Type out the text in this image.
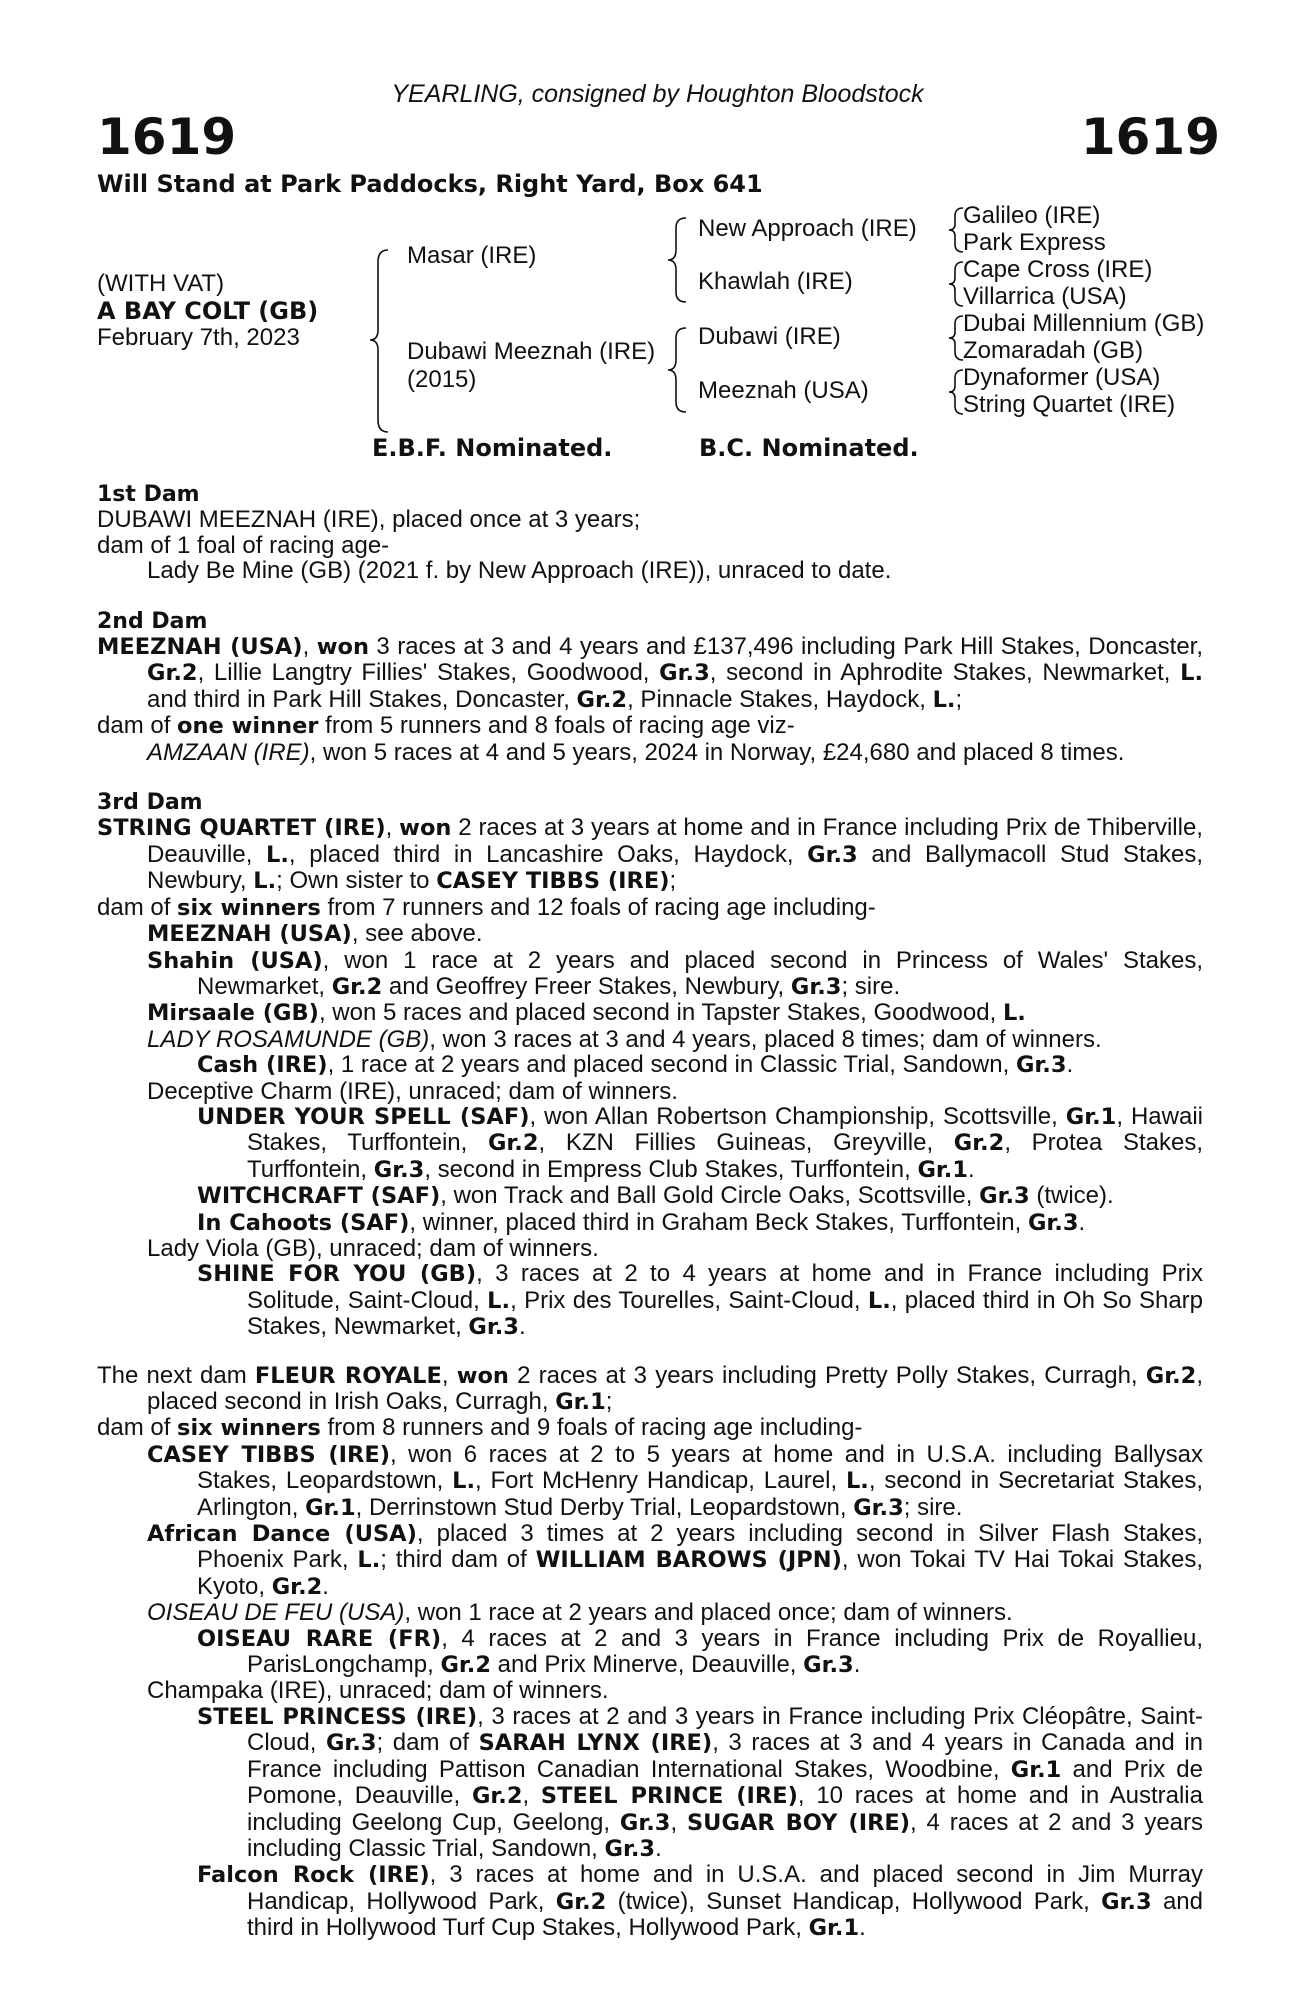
YEARLING, consigned by Houghton Bloodstock
1619	1619
Will Stand at Park Paddocks, Right Yard, Box 641
(WITH VAT)
A BAY COLT (GB)
February 7th, 2023
Masar (IRE)
Dubawi Meeznah (IRE)
(2015)
New Approach (IRE)
Khawlah (IRE)
Dubawi (IRE)
Meeznah (USA)
Galileo (IRE)
Park Express
Cape Cross (IRE)
Villarrica (USA)
Dubai Millennium (GB)
Zomaradah (GB)
Dynaformer (USA)
String Quartet (IRE)
E.B.F. Nominated.	B.C. Nominated.
1st Dam

DUBAWI MEEZNAH (IRE), placed once at 3 years;

dam of 1 foal of racing age-

Lady Be Mine (GB) (2021 f. by New Approach (IRE)), unraced to date.

2nd Dam

MEEZNAH (USA), won 3 races at 3 and 4 years and £137,496 including Park Hill Stakes, Doncaster, Gr.2, Lillie Langtry Fillies' Stakes, Goodwood, Gr.3, second in Aphrodite Stakes, Newmarket, L. and third in Park Hill Stakes, Doncaster, Gr.2, Pinnacle Stakes, Haydock, L.;

dam of one winner from 5 runners and 8 foals of racing age viz-

AMZAAN (IRE), won 5 races at 4 and 5 years, 2024 in Norway, £24,680 and placed 8 times.

3rd Dam

STRING QUARTET (IRE), won 2 races at 3 years at home and in France including Prix de Thiberville, Deauville, L., placed third in Lancashire Oaks, Haydock, Gr.3 and Ballymacoll Stud Stakes, Newbury, L.; Own sister to CASEY TIBBS (IRE);

dam of six winners from 7 runners and 12 foals of racing age including-

MEEZNAH (USA), see above.

Shahin (USA), won 1 race at 2 years and placed second in Princess of Wales' Stakes, Newmarket, Gr.2 and Geoffrey Freer Stakes, Newbury, Gr.3; sire.

Mirsaale (GB), won 5 races and placed second in Tapster Stakes, Goodwood, L.

LADY ROSAMUNDE (GB), won 3 races at 3 and 4 years, placed 8 times; dam of winners.

Cash (IRE), 1 race at 2 years and placed second in Classic Trial, Sandown, Gr.3.

Deceptive Charm (IRE), unraced; dam of winners.

UNDER YOUR SPELL (SAF), won Allan Robertson Championship, Scottsville, Gr.1, Hawaii Stakes, Turffontein, Gr.2, KZN Fillies Guineas, Greyville, Gr.2, Protea Stakes, Turffontein, Gr.3, second in Empress Club Stakes, Turffontein, Gr.1.

WITCHCRAFT (SAF), won Track and Ball Gold Circle Oaks, Scottsville, Gr.3 (twice).

In Cahoots (SAF), winner, placed third in Graham Beck Stakes, Turffontein, Gr.3.

Lady Viola (GB), unraced; dam of winners.

SHINE FOR YOU (GB), 3 races at 2 to 4 years at home and in France including Prix Solitude, Saint-Cloud, L., Prix des Tourelles, Saint-Cloud, L., placed third in Oh So Sharp Stakes, Newmarket, Gr.3.

The next dam FLEUR ROYALE, won 2 races at 3 years including Pretty Polly Stakes, Curragh, Gr.2, placed second in Irish Oaks, Curragh, Gr.1;

dam of six winners from 8 runners and 9 foals of racing age including-

CASEY TIBBS (IRE), won 6 races at 2 to 5 years at home and in U.S.A. including Ballysax Stakes, Leopardstown, L., Fort McHenry Handicap, Laurel, L., second in Secretariat Stakes, Arlington, Gr.1, Derrinstown Stud Derby Trial, Leopardstown, Gr.3; sire.

African Dance (USA), placed 3 times at 2 years including second in Silver Flash Stakes, Phoenix Park, L.; third dam of WILLIAM BAROWS (JPN), won Tokai TV Hai Tokai Stakes, Kyoto, Gr.2.

OISEAU DE FEU (USA), won 1 race at 2 years and placed once; dam of winners.

OISEAU RARE (FR), 4 races at 2 and 3 years in France including Prix de Royallieu, ParisLongchamp, Gr.2 and Prix Minerve, Deauville, Gr.3.

Champaka (IRE), unraced; dam of winners.

STEEL PRINCESS (IRE), 3 races at 2 and 3 years in France including Prix Cléopâtre, Saint-Cloud, Gr.3; dam of SARAH LYNX (IRE), 3 races at 3 and 4 years in Canada and in France including Pattison Canadian International Stakes, Woodbine, Gr.1 and Prix de Pomone, Deauville, Gr.2, STEEL PRINCE (IRE), 10 races at home and in Australia including Geelong Cup, Geelong, Gr.3, SUGAR BOY (IRE), 4 races at 2 and 3 years including Classic Trial, Sandown, Gr.3.

Falcon Rock (IRE), 3 races at home and in U.S.A. and placed second in Jim Murray Handicap, Hollywood Park, Gr.2 (twice), Sunset Handicap, Hollywood Park, Gr.3 and third in Hollywood Turf Cup Stakes, Hollywood Park, Gr.1.
